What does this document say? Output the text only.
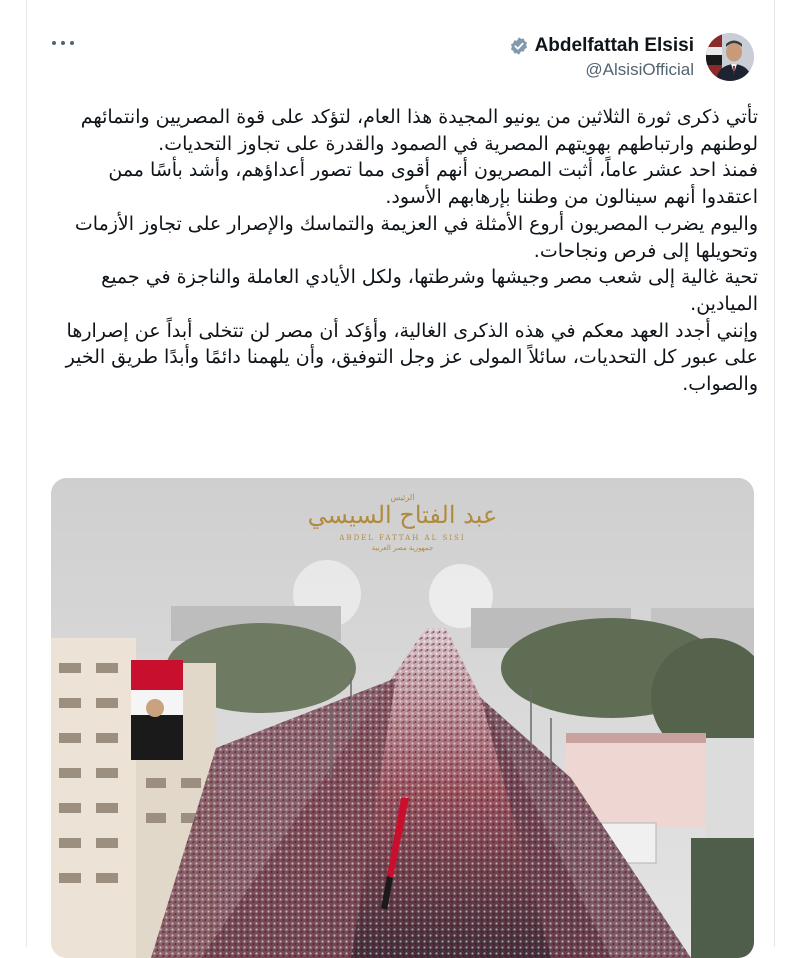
Abdelfattah Elsisi
@AlsisiOfficial

تأتي ذكرى ثورة الثلاثين من يونيو المجيدة هذا العام، لتؤكد على قوة المصريين وانتمائهم لوطنهم وارتباطهم بهويتهم المصرية في الصمود والقدرة على تجاوز التحديات.

فمنذ احد عشر عاماً، أثبت المصريون أنهم أقوى مما تصور أعداؤهم، وأشد بأسًا ممن اعتقدوا أنهم سينالون من وطننا بإرهابهم الأسود.

واليوم يضرب المصريون أروع الأمثلة في العزيمة والتماسك والإصرار على تجاوز الأزمات وتحويلها إلى فرص ونجاحات.

تحية غالية إلى شعب مصر وجيشها وشرطتها، ولكل الأيادي العاملة والناجزة في جميع الميادين.

وإنني أجدد العهد معكم في هذه الذكرى الغالية، وأؤكد أن مصر لن تتخلى أبداً عن إصرارها على عبور كل التحديات، سائلاً المولى عز وجل التوفيق، وأن يلهمنا دائمًا وأبدًا طريق الخير والصواب.

الرئيس
عبد الفتاح السيسي
ABDEL FATTAH AL SISI
جمهورية مصر العربية
